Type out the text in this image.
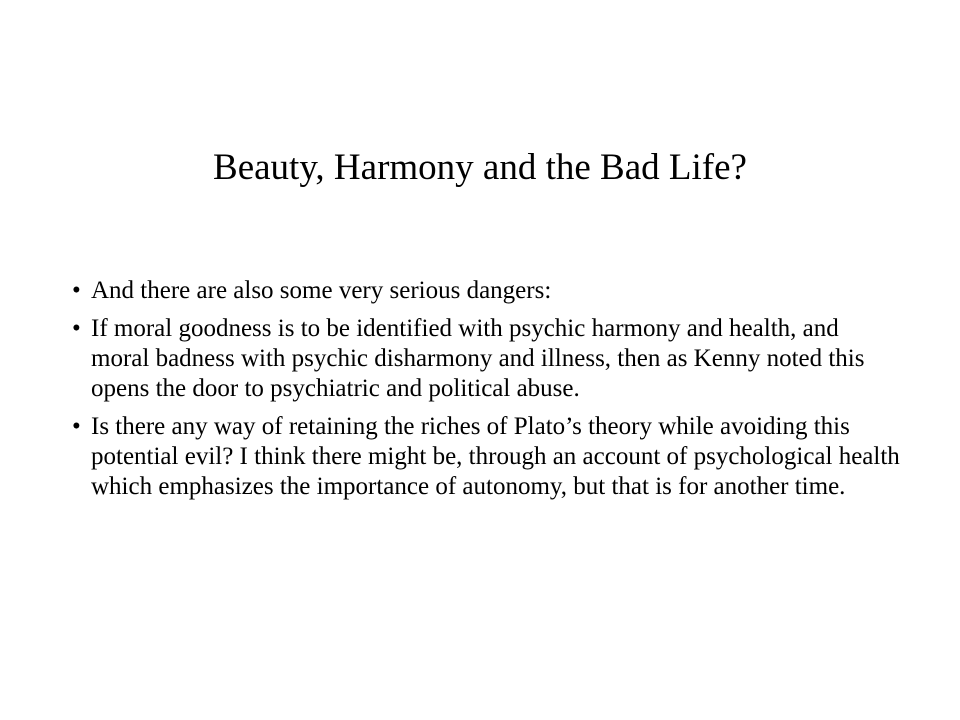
Beauty, Harmony and the Bad Life?
• And there are also some very serious dangers:
• If moral goodness is to be identified with psychic harmony and health, and moral badness with psychic disharmony and illness, then as Kenny noted this opens the door to psychiatric and political abuse.
• Is there any way of retaining the riches of Plato’s theory while avoiding this potential evil? I think there might be, through an account of psychological health which emphasizes the importance of autonomy, but that is for another time.
